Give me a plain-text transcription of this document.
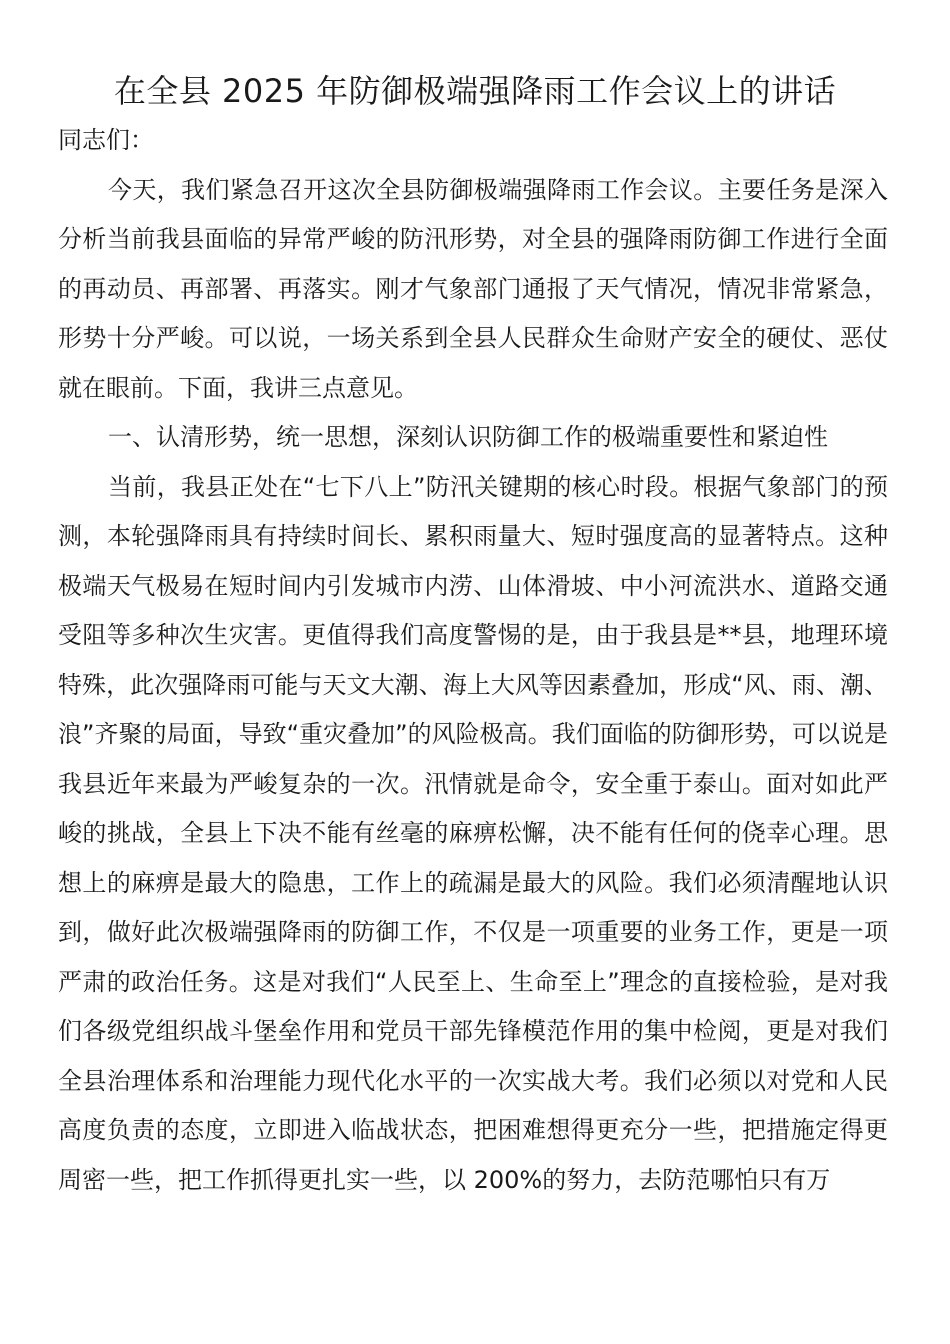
在全县 2025 年防御极端强降雨工作会议上的讲话

同志们：

今天，我们紧急召开这次全县防御极端强降雨工作会议。主要任务是深入分析当前我县面临的异常严峻的防汛形势，对全县的强降雨防御工作进行全面的再动员、再部署、再落实。刚才气象部门通报了天气情况，情况非常紧急，形势十分严峻。可以说，一场关系到全县人民群众生命财产安全的硬仗、恶仗就在眼前。下面，我讲三点意见。

一、认清形势，统一思想，深刻认识防御工作的极端重要性和紧迫性

当前，我县正处在“七下八上”防汛关键期的核心时段。根据气象部门的预测，本轮强降雨具有持续时间长、累积雨量大、短时强度高的显著特点。这种极端天气极易在短时间内引发城市内涝、山体滑坡、中小河流洪水、道路交通受阻等多种次生灾害。更值得我们高度警惕的是，由于我县是**县，地理环境特殊，此次强降雨可能与天文大潮、海上大风等因素叠加，形成“风、雨、潮、浪”齐聚的局面，导致“重灾叠加”的风险极高。我们面临的防御形势，可以说是我县近年来最为严峻复杂的一次。汛情就是命令，安全重于泰山。面对如此严峻的挑战，全县上下决不能有丝毫的麻痹松懈，决不能有任何的侥幸心理。思想上的麻痹是最大的隐患，工作上的疏漏是最大的风险。我们必须清醒地认识到，做好此次极端强降雨的防御工作，不仅是一项重要的业务工作，更是一项严肃的政治任务。这是对我们“人民至上、生命至上”理念的直接检验，是对我们各级党组织战斗堡垒作用和党员干部先锋模范作用的集中检阅，更是对我们全县治理体系和治理能力现代化水平的一次实战大考。我们必须以对党和人民高度负责的态度，立即进入临战状态，把困难想得更充分一些，把措施定得更周密一些，把工作抓得更扎实一些，以 200%的努力，去防范哪怕只有万
